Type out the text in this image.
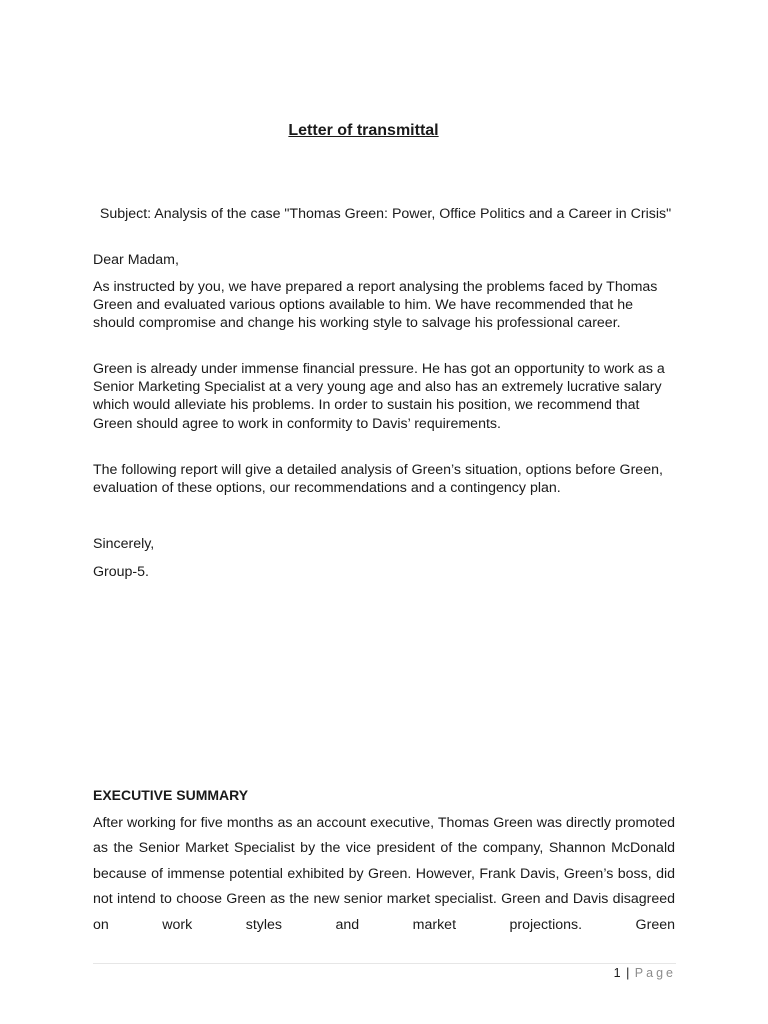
Letter of transmittal
Subject: Analysis of the case "Thomas Green: Power, Office Politics and a Career in Crisis"

Dear Madam,

As instructed by you, we have prepared a report analysing the problems faced by Thomas Green and evaluated various options available to him. We have recommended that he should compromise and change his working style to salvage his professional career.

Green is already under immense financial pressure. He has got an opportunity to work as a Senior Marketing Specialist at a very young age and also has an extremely lucrative salary which would alleviate his problems. In order to sustain his position, we recommend that Green should agree to work in conformity to Davis’ requirements.

The following report will give a detailed analysis of Green’s situation, options before Green, evaluation of these options, our recommendations and a contingency plan.

Sincerely,

Group-5.

EXECUTIVE SUMMARY
After working for five months as an account executive, Thomas Green was directly promoted as the Senior Market Specialist by the vice president of the company, Shannon McDonald because of immense potential exhibited by Green. However, Frank Davis, Green’s boss, did not intend to choose Green as the new senior market specialist. Green and Davis disagreed on work styles and market projections. Green
1 | Page
